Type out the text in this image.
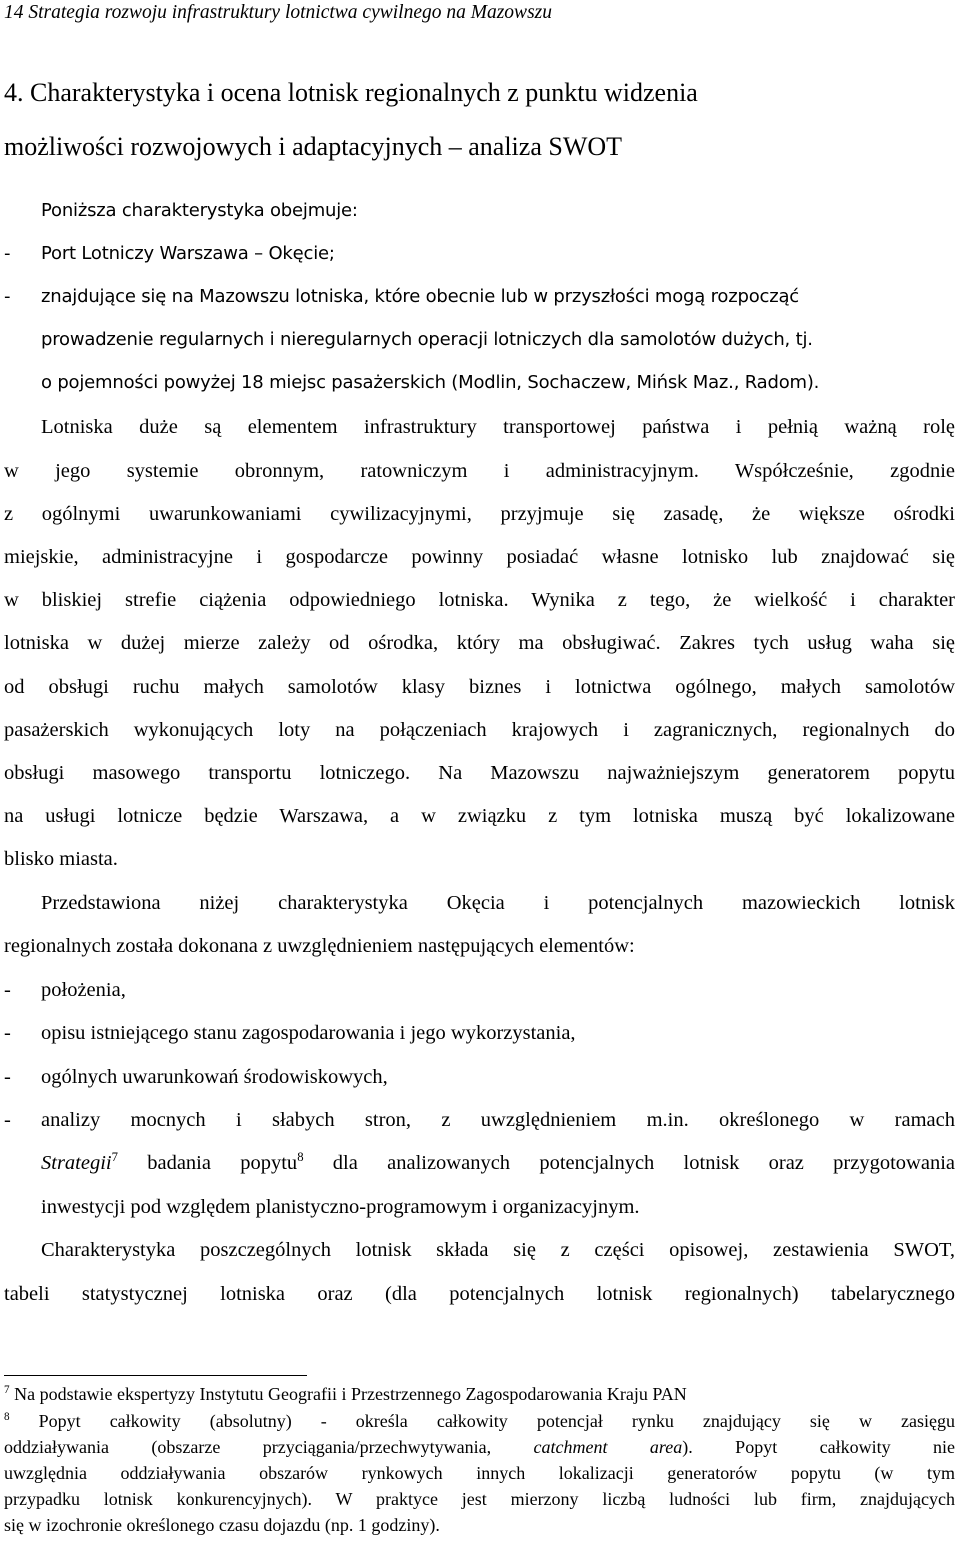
14 Strategia rozwoju infrastruktury lotnictwa cywilnego na Mazowszu
4. Charakterystyka i ocena lotnisk regionalnych z punktu widzenia
możliwości rozwojowych i adaptacyjnych – analiza SWOT
Poniższa charakterystyka obejmuje:
- Port Lotniczy Warszawa – Okęcie;
- znajdujące się na Mazowszu lotniska, które obecnie lub w przyszłości mogą rozpocząć
prowadzenie regularnych i nieregularnych operacji lotniczych dla samolotów dużych, tj.
o pojemności powyżej 18 miejsc pasażerskich (Modlin, Sochaczew, Mińsk Maz., Radom).
Lotniska duże są elementem infrastruktury transportowej państwa i pełnią ważną rolę
w jego systemie obronnym, ratowniczym i administracyjnym. Współcześnie, zgodnie
z ogólnymi uwarunkowaniami cywilizacyjnymi, przyjmuje się zasadę, że większe ośrodki
miejskie, administracyjne i gospodarcze powinny posiadać własne lotnisko lub znajdować się
w bliskiej strefie ciążenia odpowiedniego lotniska. Wynika z tego, że wielkość i charakter
lotniska w dużej mierze zależy od ośrodka, który ma obsługiwać. Zakres tych usług waha się
od obsługi ruchu małych samolotów klasy biznes i lotnictwa ogólnego, małych samolotów
pasażerskich wykonujących loty na połączeniach krajowych i zagranicznych, regionalnych do
obsługi masowego transportu lotniczego. Na Mazowszu najważniejszym generatorem popytu
na usługi lotnicze będzie Warszawa, a w związku z tym lotniska muszą być lokalizowane
blisko miasta.
Przedstawiona niżej charakterystyka Okęcia i potencjalnych mazowieckich lotnisk
regionalnych została dokonana z uwzględnieniem następujących elementów:
- położenia,
- opisu istniejącego stanu zagospodarowania i jego wykorzystania,
- ogólnych uwarunkowań środowiskowych,
- analizy mocnych i słabych stron, z uwzględnieniem m.in. określonego w ramach
Strategii$^7$ badania popytu$^8$ dla analizowanych potencjalnych lotnisk oraz przygotowania
inwestycji pod względem planistyczno-programowym i organizacyjnym.
Charakterystyka poszczególnych lotnisk składa się z części opisowej, zestawienia SWOT,
tabeli statystycznej lotniska oraz (dla potencjalnych lotnisk regionalnych) tabelarycznego
$^7$ Na podstawie ekspertyzy Instytutu Geografii i Przestrzennego Zagospodarowania Kraju PAN
$^8$ Popyt całkowity (absolutny) - określa całkowity potencjał rynku znajdujący się w zasięgu
oddziaływania (obszarze przyciągania/przechwytywania, catchment area). Popyt całkowity nie
uwzględnia oddziaływania obszarów rynkowych innych lokalizacji generatorów popytu (w tym
przypadku lotnisk konkurencyjnych). W praktyce jest mierzony liczbą ludności lub firm, znajdujących
się w izochronie określonego czasu dojazdu (np. 1 godziny).
